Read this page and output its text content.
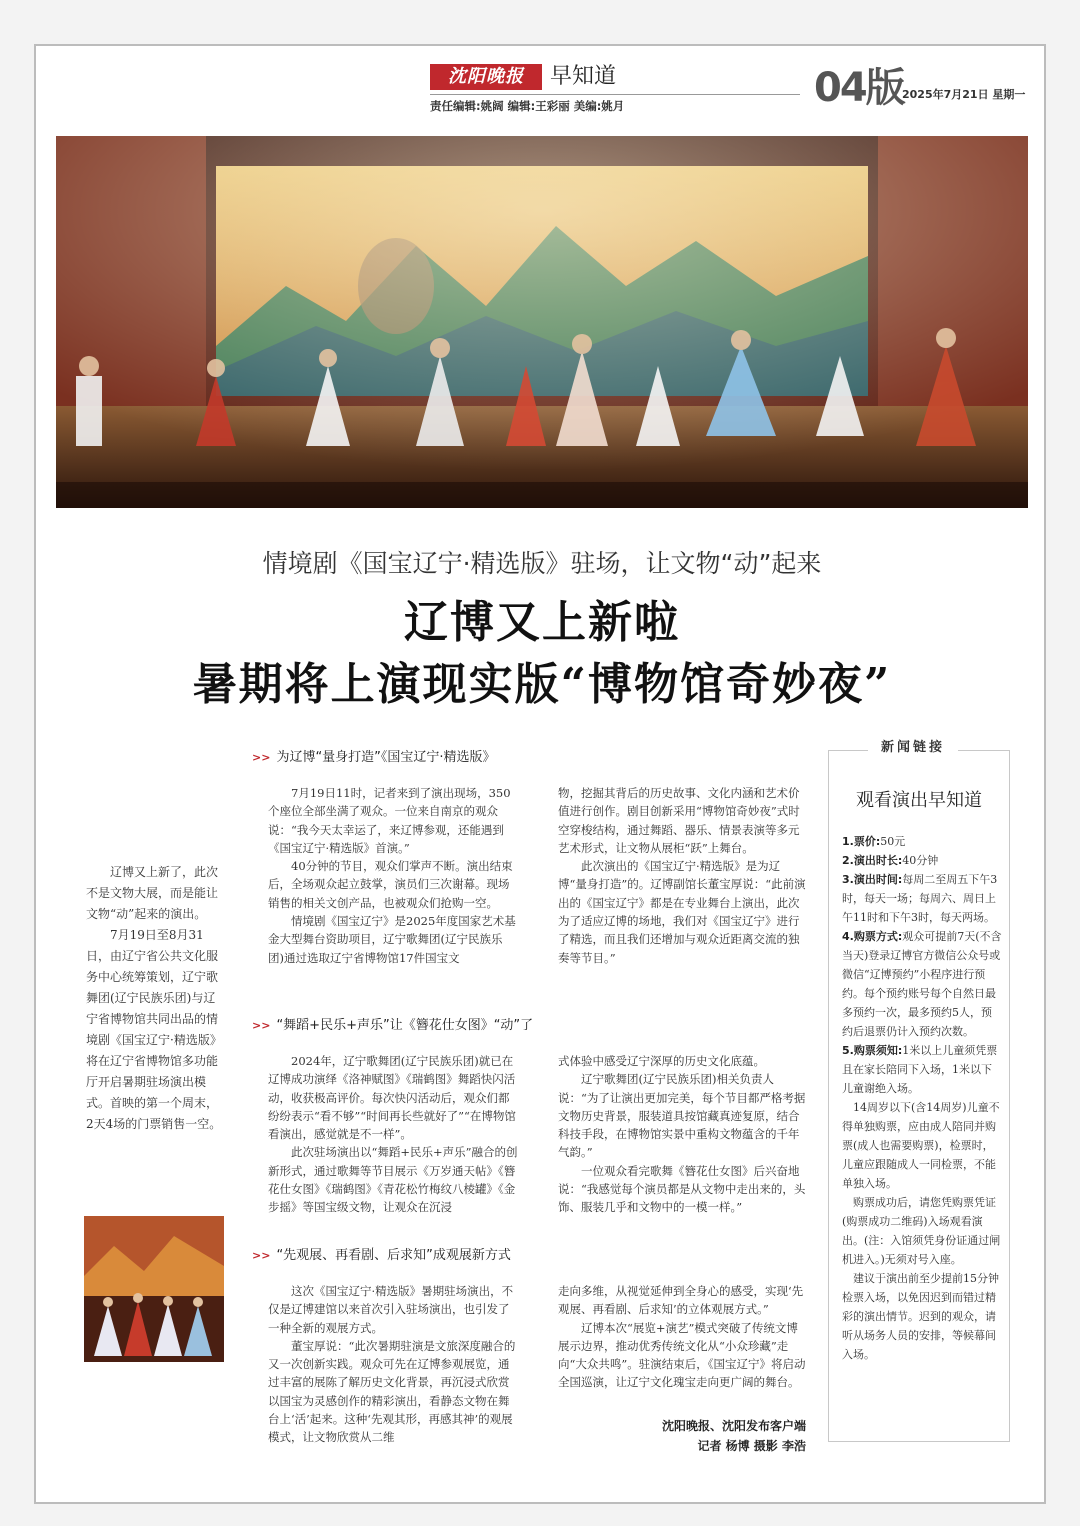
沈阳晚报	早知道
责任编辑:姚阔 编辑:王彩丽 美编:姚月	04版
2025年7月21日 星期一
情境剧《国宝辽宁·精选版》驻场，让文物“动”起来
辽博又上新啦
暑期将上演现实版“博物馆奇妙夜”

辽博又上新了，此次不是文物大展，而是能让文物“动”起来的演出。

7月19日至8月31日，由辽宁省公共文化服务中心统筹策划，辽宁歌舞团(辽宁民族乐团)与辽宁省博物馆共同出品的情境剧《国宝辽宁·精选版》将在辽宁省博物馆多功能厅开启暑期驻场演出模式。首映的第一个周末，2天4场的门票销售一空。

>> 为辽博“量身打造”《国宝辽宁·精选版》

7月19日11时，记者来到了演出现场，350个座位全部坐满了观众。一位来自南京的观众说：“我今天太幸运了，来辽博参观，还能遇到《国宝辽宁·精选版》首演。”

40分钟的节目，观众们掌声不断。演出结束后，全场观众起立鼓掌，演员们三次谢幕。现场销售的相关文创产品，也被观众们抢购一空。

情境剧《国宝辽宁》是2025年度国家艺术基金大型舞台资助项目，辽宁歌舞团(辽宁民族乐团)通过选取辽宁省博物馆17件国宝文

物，挖掘其背后的历史故事、文化内涵和艺术价值进行创作。剧目创新采用“博物馆奇妙夜”式时空穿梭结构，通过舞蹈、器乐、情景表演等多元艺术形式，让文物从展柜“跃”上舞台。

此次演出的《国宝辽宁·精选版》是为辽博“量身打造”的。辽博副馆长董宝厚说：“此前演出的《国宝辽宁》都是在专业舞台上演出，此次为了适应辽博的场地，我们对《国宝辽宁》进行了精选，而且我们还增加与观众近距离交流的独奏等节目。”

>> “舞蹈+民乐+声乐”让《簪花仕女图》“动”了

2024年，辽宁歌舞团(辽宁民族乐团)就已在辽博成功演绎《洛神赋图》《瑞鹤图》舞蹈快闪活动，收获极高评价。每次快闪活动后，观众们都纷纷表示“看不够”“时间再长些就好了”“在博物馆看演出，感觉就是不一样”。

此次驻场演出以“舞蹈+民乐+声乐”融合的创新形式，通过歌舞等节目展示《万岁通天帖》《簪花仕女图》《瑞鹤图》《青花松竹梅纹八棱罐》《金步摇》等国宝级文物，让观众在沉浸

式体验中感受辽宁深厚的历史文化底蕴。

辽宁歌舞团(辽宁民族乐团)相关负责人说：“为了让演出更加完美，每个节目都严格考据文物历史背景，服装道具按馆藏真迹复原，结合科技手段，在博物馆实景中重构文物蕴含的千年气韵。”

一位观众看完歌舞《簪花仕女图》后兴奋地说：“我感觉每个演员都是从文物中走出来的，头饰、服装几乎和文物中的一模一样。”

>> “先观展、再看剧、后求知”成观展新方式

这次《国宝辽宁·精选版》暑期驻场演出，不仅是辽博建馆以来首次引入驻场演出，也引发了一种全新的观展方式。

董宝厚说：“此次暑期驻演是文旅深度融合的又一次创新实践。观众可先在辽博参观展览，通过丰富的展陈了解历史文化背景，再沉浸式欣赏以国宝为灵感创作的精彩演出，看静态文物在舞台上‘活’起来。这种‘先观其形，再感其神’的观展模式，让文物欣赏从二维

走向多维，从视觉延伸到全身心的感受，实现‘先观展、再看剧、后求知’的立体观展方式。”

辽博本次“展览+演艺”模式突破了传统文博展示边界，推动优秀传统文化从“小众珍藏”走向“大众共鸣”。驻演结束后，《国宝辽宁》将启动全国巡演，让辽宁文化瑰宝走向更广阔的舞台。

沈阳晚报、沈阳发布客户端
记者 杨博 摄影 李浩
新闻链接
观看演出早知道

1.票价:50元

2.演出时长:40分钟

3.演出时间:每周二至周五下午3时，每天一场；每周六、周日上午11时和下午3时，每天两场。

4.购票方式:观众可提前7天(不含当天)登录辽博官方微信公众号或微信“辽博预约”小程序进行预约。每个预约账号每个自然日最多预约一次，最多预约5人，预约后退票仍计入预约次数。

5.购票须知:1米以上儿童须凭票且在家长陪同下入场，1米以下儿童谢绝入场。

14周岁以下(含14周岁)儿童不得单独购票，应由成人陪同并购票(成人也需要购票)，检票时，儿童应跟随成人一同检票，不能单独入场。

购票成功后，请您凭购票凭证(购票成功二维码)入场观看演出。(注：入馆须凭身份证通过闸机进入。)无须对号入座。

建议于演出前至少提前15分钟检票入场，以免因迟到而错过精彩的演出情节。迟到的观众，请听从场务人员的安排，等候幕间入场。
